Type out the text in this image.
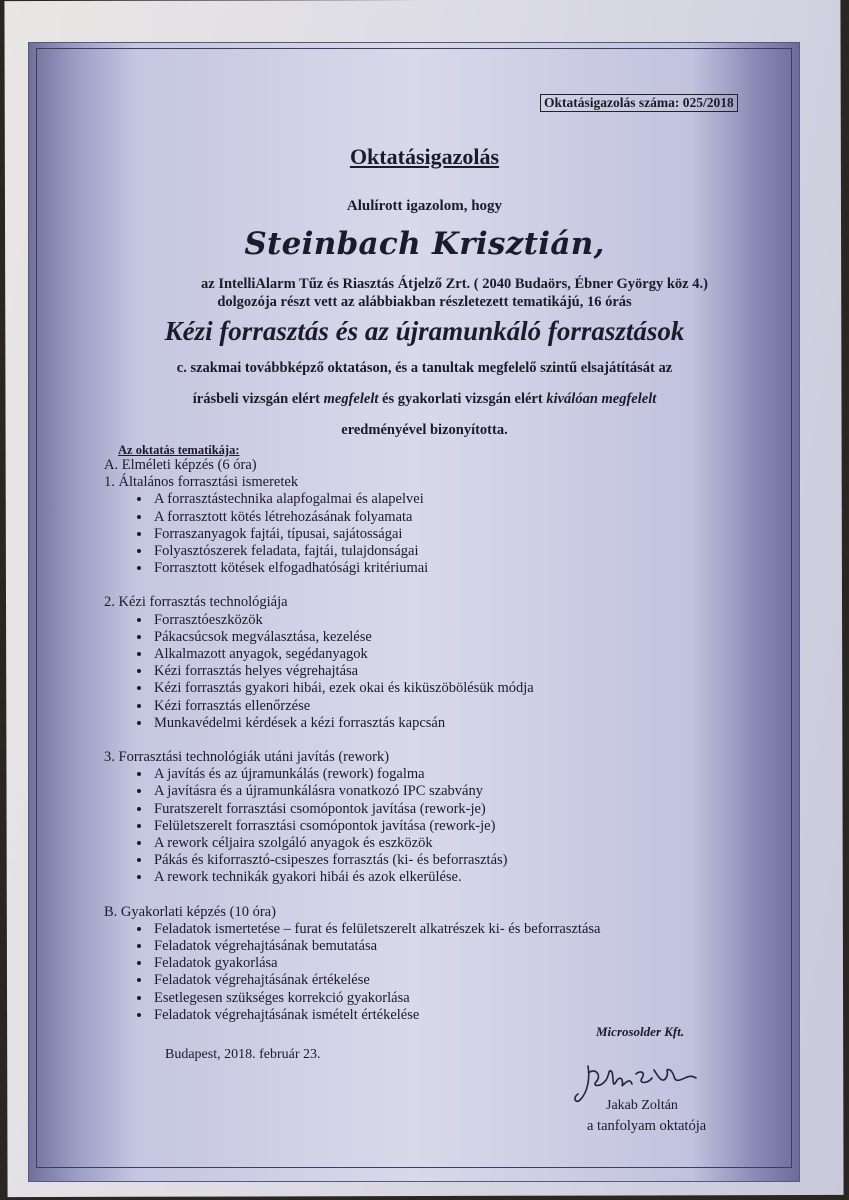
Oktatásigazolás száma: 025/2018
Oktatásigazolás
Alulírott igazolom, hogy
Steinbach Krisztián,
az IntelliAlarm Tűz és Riasztás Átjelző Zrt. ( 2040 Budaörs, Ébner György köz 4.)
dolgozója részt vett az alábbiakban részletezett tematikájú, 16 órás
Kézi forrasztás és az újramunkáló forrasztások
c. szakmai továbbképző oktatáson, és a tanultak megfelelő szintű elsajátítását az
írásbeli vizsgán elért megfelelt és gyakorlati vizsgán elért kiválóan megfelelt
eredményével bizonyította.
Az oktatás tematikája:
A. Elméleti képzés (6 óra)
1. Általános forrasztási ismeretek
• A forrasztástechnika alapfogalmai és alapelvei
• A forrasztott kötés létrehozásának folyamata
• Forraszanyagok fajtái, típusai, sajátosságai
• Folyasztószerek feladata, fajtái, tulajdonságai
• Forrasztott kötések elfogadhatósági kritériumai
2. Kézi forrasztás technológiája
• Forrasztóeszközök
• Pákacsúcsok megválasztása, kezelése
• Alkalmazott anyagok, segédanyagok
• Kézi forrasztás helyes végrehajtása
• Kézi forrasztás gyakori hibái, ezek okai és kiküszöbölésük módja
• Kézi forrasztás ellenőrzése
• Munkavédelmi kérdések a kézi forrasztás kapcsán
3. Forrasztási technológiák utáni javítás (rework)
• A javítás és az újramunkálás (rework) fogalma
• A javításra és a újramunkálásra vonatkozó IPC szabvány
• Furatszerelt forrasztási csomópontok javítása (rework-je)
• Felületszerelt forrasztási csomópontok javítása (rework-je)
• A rework céljaira szolgáló anyagok és eszközök
• Pákás és kiforrasztó-csipeszes forrasztás (ki- és beforrasztás)
• A rework technikák gyakori hibái és azok elkerülése.
B. Gyakorlati képzés (10 óra)
• Feladatok ismertetése – furat és felületszerelt alkatrészek ki- és beforrasztása
• Feladatok végrehajtásának bemutatása
• Feladatok gyakorlása
• Feladatok végrehajtásának értékelése
• Esetlegesen szükséges korrekció gyakorlása
• Feladatok végrehajtásának ismételt értékelése
Microsolder Kft.
Budapest, 2018. február 23.
Jakab Zoltán
a tanfolyam oktatója
